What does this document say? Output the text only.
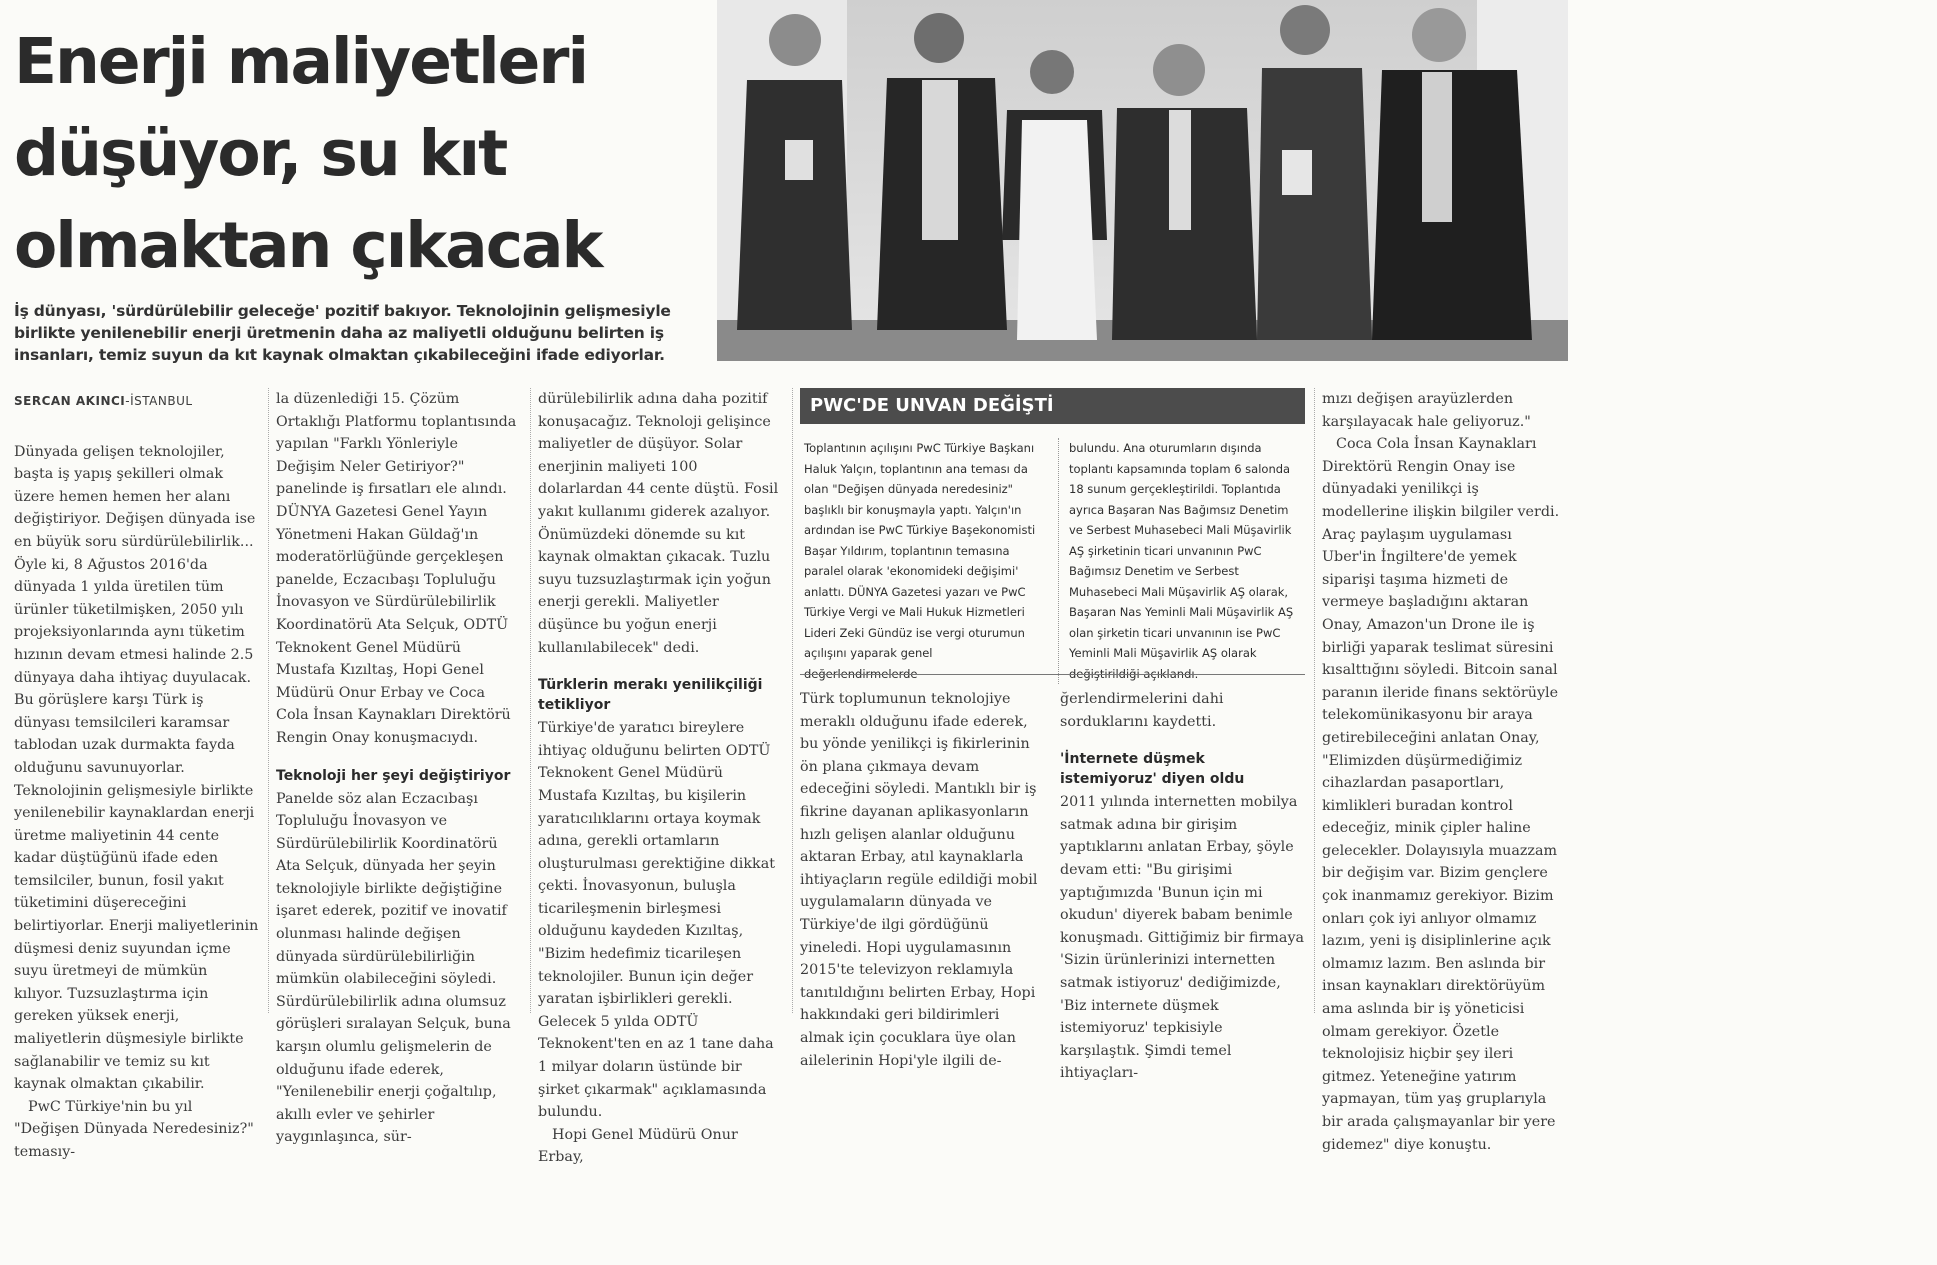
Enerji maliyetleri
düşüyor, su kıt
olmaktan çıkacak
İş dünyası, 'sürdürülebilir geleceğe' pozitif bakıyor. Teknolojinin gelişmesiyle
birlikte yenilenebilir enerji üretmenin daha az maliyetli olduğunu belirten iş
insanları, temiz suyun da kıt kaynak olmaktan çıkabileceğini ifade ediyorlar.
SERCAN AKINCI-İSTANBUL

Dünyada gelişen teknolojiler, başta iş yapış şekilleri olmak üzere hemen hemen her alanı değiştiriyor. Değişen dünyada ise en büyük soru sürdürülebilirlik... Öyle ki, 8 Ağustos 2016'da dünyada 1 yılda üretilen tüm ürünler tüketilmişken, 2050 yılı projeksiyonlarında aynı tüketim hızının devam etmesi halinde 2.5 dünyaya daha ihtiyaç duyulacak. Bu görüşlere karşı Türk iş dünyası temsilcileri karamsar tablodan uzak durmakta fayda olduğunu savunuyorlar. Teknolojinin gelişmesiyle birlikte yenilenebilir kaynaklardan enerji üretme maliyetinin 44 cente kadar düştüğünü ifade eden temsilciler, bunun, fosil yakıt tüketimini düşereceğini belirtiyorlar. Enerji maliyetlerinin düşmesi deniz suyundan içme suyu üretmeyi de mümkün kılıyor. Tuzsuzlaştırma için gereken yüksek enerji, maliyetlerin düşmesiyle birlikte sağlanabilir ve temiz su kıt kaynak olmaktan çıkabilir.

PwC Türkiye'nin bu yıl "Değişen Dünyada Neredesiniz?" temasıy-

la düzenlediği 15. Çözüm Ortaklığı Platformu toplantısında yapılan "Farklı Yönleriyle Değişim Neler Getiriyor?" panelinde iş fırsatları ele alındı. DÜNYA Gazetesi Genel Yayın Yönetmeni Hakan Güldağ'ın moderatörlüğünde gerçekleşen panelde, Eczacıbaşı Topluluğu İnovasyon ve Sürdürülebilirlik Koordinatörü Ata Selçuk, ODTÜ Teknokent Genel Müdürü Mustafa Kızıltaş, Hopi Genel Müdürü Onur Erbay ve Coca Cola İnsan Kaynakları Direktörü Rengin Onay konuşmacıydı.

Teknoloji her şeyi değiştiriyor

Panelde söz alan Eczacıbaşı Topluluğu İnovasyon ve Sürdürülebilirlik Koordinatörü Ata Selçuk, dünyada her şeyin teknolojiyle birlikte değiştiğine işaret ederek, pozitif ve inovatif olunması halinde değişen dünyada sürdürülebilirliğin mümkün olabileceğini söyledi. Sürdürülebilirlik adına olumsuz görüşleri sıralayan Selçuk, buna karşın olumlu gelişmelerin de olduğunu ifade ederek, "Yenilenebilir enerji çoğaltılıp, akıllı evler ve şehirler yaygınlaşınca, sür-

dürülebilirlik adına daha pozitif konuşacağız. Teknoloji gelişince maliyetler de düşüyor. Solar enerjinin maliyeti 100 dolarlardan 44 cente düştü. Fosil yakıt kullanımı giderek azalıyor. Önümüzdeki dönemde su kıt kaynak olmaktan çıkacak. Tuzlu suyu tuzsuzlaştırmak için yoğun enerji gerekli. Maliyetler düşünce bu yoğun enerji kullanılabilecek" dedi.

Türklerin merakı yenilikçiliği tetikliyor

Türkiye'de yaratıcı bireylere ihtiyaç olduğunu belirten ODTÜ Teknokent Genel Müdürü Mustafa Kızıltaş, bu kişilerin yaratıcılıklarını ortaya koymak adına, gerekli ortamların oluşturulması gerektiğine dikkat çekti. İnovasyonun, buluşla ticarileşmenin birleşmesi olduğunu kaydeden Kızıltaş, "Bizim hedefimiz ticarileşen teknolojiler. Bunun için değer yaratan işbirlikleri gerekli. Gelecek 5 yılda ODTÜ Teknokent'ten en az 1 tane daha 1 milyar doların üstünde bir şirket çıkarmak" açıklamasında bulundu.

Hopi Genel Müdürü Onur Erbay,

PWC'DE UNVAN DEĞİŞTİ
Toplantının açılışını PwC Türkiye Başkanı Haluk Yalçın, toplantının ana teması da olan "Değişen dünyada neredesiniz" başlıklı bir konuşmayla yaptı. Yalçın'ın ardından ise PwC Türkiye Başekonomisti Başar Yıldırım, toplantının temasına paralel olarak 'ekonomideki değişimi' anlattı. DÜNYA Gazetesi yazarı ve PwC Türkiye Vergi ve Mali Hukuk Hizmetleri Lideri Zeki Gündüz ise vergi oturumun açılışını yaparak genel değerlendirmelerde
bulundu. Ana oturumların dışında toplantı kapsamında toplam 6 salonda 18 sunum gerçekleştirildi. Toplantıda ayrıca Başaran Nas Bağımsız Denetim ve Serbest Muhasebeci Mali Müşavirlik AŞ şirketinin ticari unvanının PwC Bağımsız Denetim ve Serbest Muhasebeci Mali Müşavirlik AŞ olarak, Başaran Nas Yeminli Mali Müşavirlik AŞ olan şirketin ticari unvanının ise PwC Yeminli Mali Müşavirlik AŞ olarak değiştirildiği açıklandı.

Türk toplumunun teknolojiye meraklı olduğunu ifade ederek, bu yönde yenilikçi iş fikirlerinin ön plana çıkmaya devam edeceğini söyledi. Mantıklı bir iş fikrine dayanan aplikasyonların hızlı gelişen alanlar olduğunu aktaran Erbay, atıl kaynaklarla ihtiyaçların regüle edildiği mobil uygulamaların dünyada ve Türkiye'de ilgi gördüğünü yineledi. Hopi uygulamasının 2015'te televizyon reklamıyla tanıtıldığını belirten Erbay, Hopi hakkındaki geri bildirimleri almak için çocuklara üye olan ailelerinin Hopi'yle ilgili de-

ğerlendirmelerini dahi sorduklarını kaydetti.

'İnternete düşmek istemiyoruz' diyen oldu

2011 yılında internetten mobilya satmak adına bir girişim yaptıklarını anlatan Erbay, şöyle devam etti: "Bu girişimi yaptığımızda 'Bunun için mi okudun' diyerek babam benimle konuşmadı. Gittiğimiz bir firmaya 'Sizin ürünlerinizi internetten satmak istiyoruz' dediğimizde, 'Biz internete düşmek istemiyoruz' tepkisiyle karşılaştık. Şimdi temel ihtiyaçları-

mızı değişen arayüzlerden karşılayacak hale geliyoruz."

Coca Cola İnsan Kaynakları Direktörü Rengin Onay ise dünyadaki yenilikçi iş modellerine ilişkin bilgiler verdi. Araç paylaşım uygulaması Uber'in İngiltere'de yemek siparişi taşıma hizmeti de vermeye başladığını aktaran Onay, Amazon'un Drone ile iş birliği yaparak teslimat süresini kısalttığını söyledi. Bitcoin sanal paranın ileride finans sektörüyle telekomünikasyonu bir araya getirebileceğini anlatan Onay, "Elimizden düşürmediğimiz cihazlardan pasaportları, kimlikleri buradan kontrol edeceğiz, minik çipler haline gelecekler. Dolayısıyla muazzam bir değişim var. Bizim gençlere çok inanmamız gerekiyor. Bizim onları çok iyi anlıyor olmamız lazım, yeni iş disiplinlerine açık olmamız lazım. Ben aslında bir insan kaynakları direktörüyüm ama aslında bir iş yöneticisi olmam gerekiyor. Özetle teknolojisiz hiçbir şey ileri gitmez. Yeteneğine yatırım yapmayan, tüm yaş gruplarıyla bir arada çalışmayanlar bir yere gidemez" diye konuştu.
